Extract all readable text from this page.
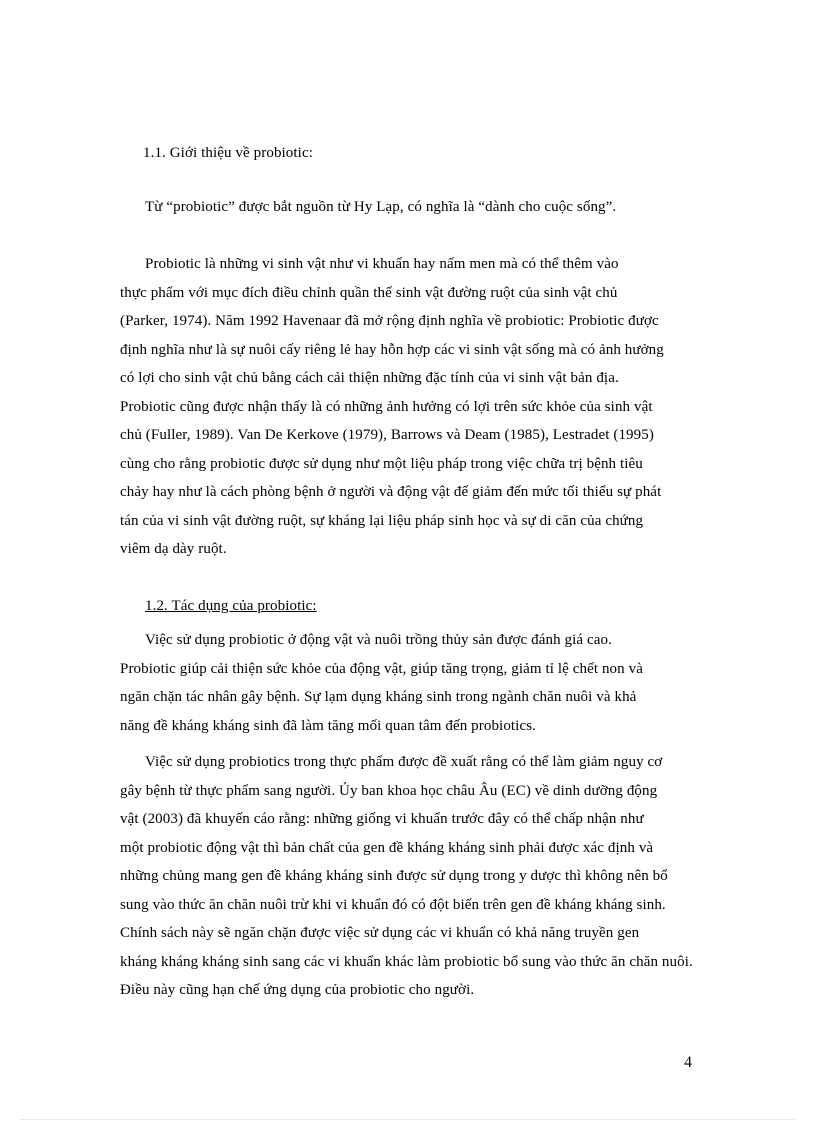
1.1. Giới thiệu về probiotic:
Từ “probiotic” được bắt nguồn từ Hy Lạp, có nghĩa là “dành cho cuộc sống”.
Probiotic là những vi sinh vật như vi khuẩn hay nấm men mà có thể thêm vào
thực phẩm với mục đích điều chỉnh quần thể sinh vật đường ruột của sinh vật chủ
(Parker, 1974). Năm 1992 Havenaar đã mở rộng định nghĩa về probiotic: Probiotic được
định nghĩa như là sự nuôi cấy riêng lẻ hay hỗn hợp các vi sinh vật sống mà có ảnh hưởng
có lợi cho sinh vật chủ bằng cách cải thiện những đặc tính của vi sinh vật bản địa.
Probiotic cũng được nhận thấy là có những ảnh hưởng có lợi trên sức khỏe của sinh vật
chủ (Fuller, 1989). Van De Kerkove (1979), Barrows và Deam (1985), Lestradet (1995)
cùng cho rằng probiotic được sử dụng như một liệu pháp trong việc chữa trị bệnh tiêu
chảy hay như là cách phòng bệnh ở người và động vật để giảm đến mức tối thiểu sự phát
tán của vi sinh vật đường ruột, sự kháng lại liệu pháp sinh học và sự di căn của chứng
viêm dạ dày ruột.
1.2. Tác dụng của probiotic:
Việc sử dụng probiotic ở động vật và nuôi trồng thủy sản được đánh giá cao.
Probiotic giúp cải thiện sức khỏe của động vật, giúp tăng trọng, giảm tỉ lệ chết non và
ngăn chặn tác nhân gây bệnh. Sự lạm dụng kháng sinh trong ngành chăn nuôi và khả
năng đề kháng kháng sinh đã làm tăng mối quan tâm đến probiotics.
Việc sử dụng probiotics trong thực phẩm được đề xuất rằng có thể làm giảm nguy cơ
gây bệnh từ thực phẩm sang người. Ủy ban khoa học châu Âu (EC) về dinh dưỡng động
vật (2003) đã khuyến cáo rằng: những giống vi khuẩn trước đây có thể chấp nhận như
một probiotic động vật thì bản chất của gen đề kháng kháng sinh phải được xác định và
những chủng mang gen đề kháng kháng sinh được sử dụng trong y dược thì không nên bổ
sung vào thức ăn chăn nuôi trừ khi vi khuẩn đó có đột biến trên gen đề kháng kháng sinh.
Chính sách này sẽ ngăn chặn được việc sử dụng các vi khuẩn có khả năng truyền gen
kháng kháng kháng sinh sang các vi khuẩn khác làm probiotic bổ sung vào thức ăn chăn nuôi.
Điều này cũng hạn chế ứng dụng của probiotic cho người.
4
